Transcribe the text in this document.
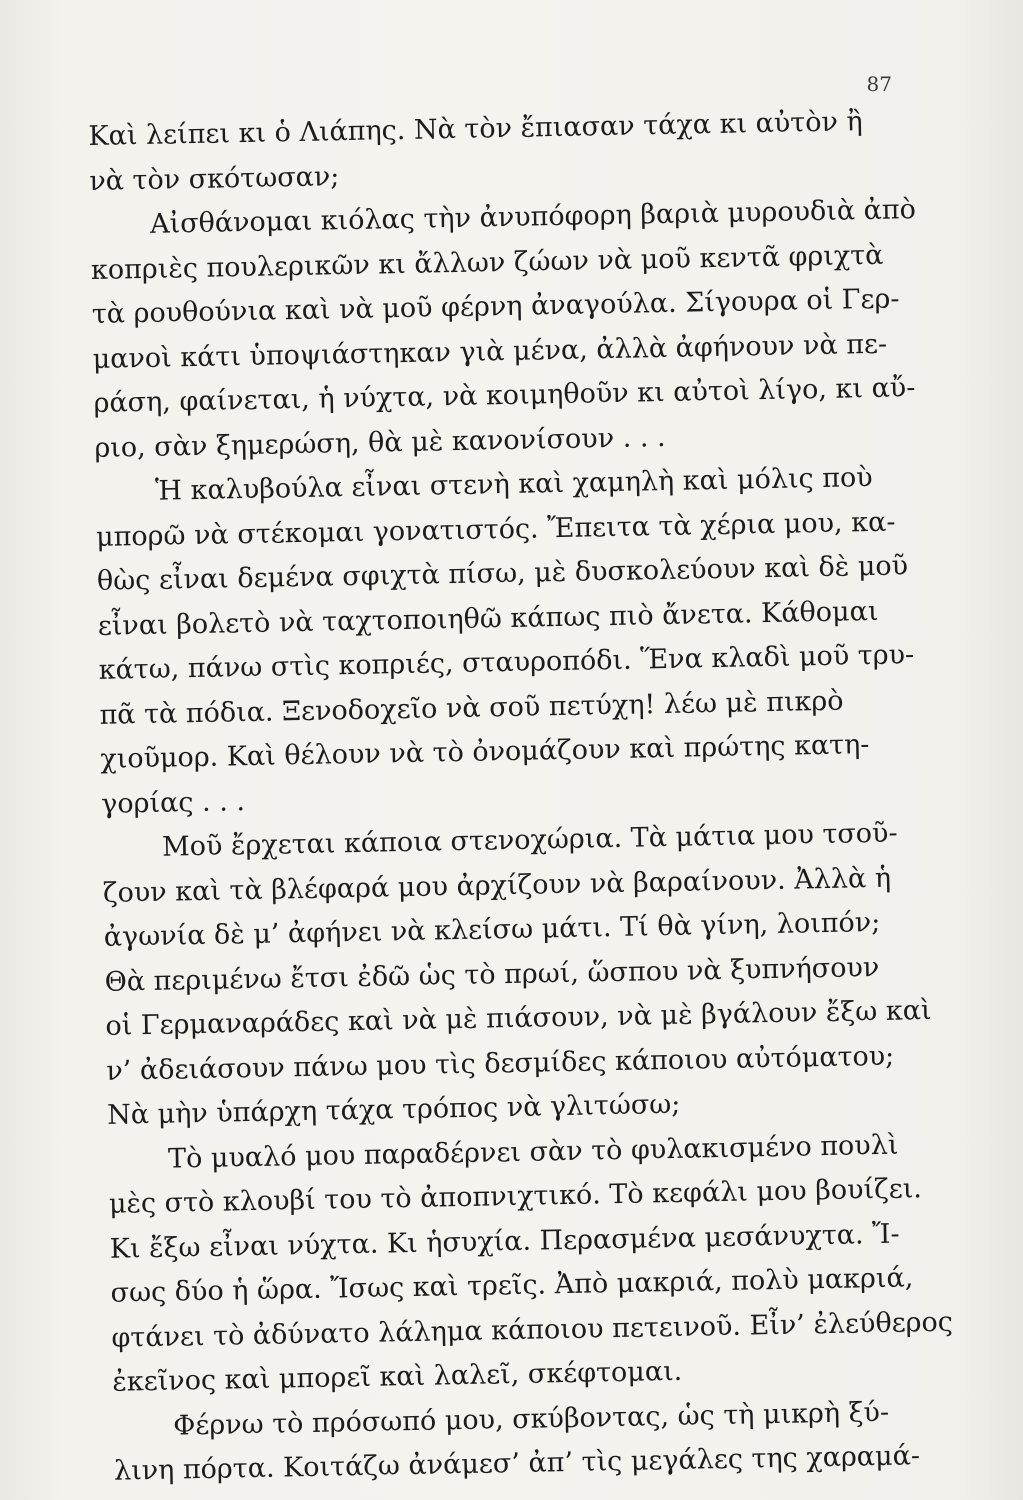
87
Καὶ λείπει κι ὁ Λιάπης. Νὰ τὸν ἔπιασαν τάχα κι αὐτὸν ἢ
νὰ τὸν σκότωσαν;
Αἰσθάνομαι κιόλας τὴν ἀνυπόφορη βαριὰ μυρουδιὰ ἀπὸ
κοπριὲς πουλερικῶν κι ἄλλων ζώων νὰ μοῦ κεντᾶ φριχτὰ
τὰ ρουθούνια καὶ νὰ μοῦ φέρνη ἀναγούλα. Σίγουρα οἱ Γερ-
μανοὶ κάτι ὑποψιάστηκαν γιὰ μένα, ἀλλὰ ἀφήνουν νὰ πε-
ράση, φαίνεται, ἡ νύχτα, νὰ κοιμηθοῦν κι αὐτοὶ λίγο, κι αὔ-
ριο, σὰν ξημερώση, θὰ μὲ κανονίσουν . . .
Ἡ καλυβούλα εἶναι στενὴ καὶ χαμηλὴ καὶ μόλις ποὺ
μπορῶ νὰ στέκομαι γονατιστός. Ἔπειτα τὰ χέρια μου, κα-
θὼς εἶναι δεμένα σφιχτὰ πίσω, μὲ δυσκολεύουν καὶ δὲ μοῦ
εἶναι βολετὸ νὰ ταχτοποιηθῶ κάπως πιὸ ἄνετα. Κάθομαι
κάτω, πάνω στὶς κοπριές, σταυροπόδι. Ἕνα κλαδὶ μοῦ τρυ-
πᾶ τὰ πόδια. Ξενοδοχεῖο νὰ σοῦ πετύχη! λέω μὲ πικρὸ
χιοῦμορ. Καὶ θέλουν νὰ τὸ ὀνομάζουν καὶ πρώτης κατη-
γορίας . . .
Μοῦ ἔρχεται κάποια στενοχώρια. Τὰ μάτια μου τσοῦ-
ζουν καὶ τὰ βλέφαρά μου ἀρχίζουν νὰ βαραίνουν. Ἀλλὰ ἡ
ἀγωνία δὲ μ’ ἀφήνει νὰ κλείσω μάτι. Τί θὰ γίνη, λοιπόν;
Θὰ περιμένω ἔτσι ἐδῶ ὡς τὸ πρωί, ὥσπου νὰ ξυπνήσουν
οἱ Γερμαναράδες καὶ νὰ μὲ πιάσουν, νὰ μὲ βγάλουν ἔξω καὶ
ν’ ἀδειάσουν πάνω μου τὶς δεσμίδες κάποιου αὐτόματου;
Νὰ μὴν ὑπάρχη τάχα τρόπος νὰ γλιτώσω;
Τὸ μυαλό μου παραδέρνει σὰν τὸ φυλακισμένο πουλὶ
μὲς στὸ κλουβί του τὸ ἀποπνιχτικό. Τὸ κεφάλι μου βουίζει.
Κι ἔξω εἶναι νύχτα. Κι ἡσυχία. Περασμένα μεσάνυχτα. Ἴ-
σως δύο ἡ ὥρα. Ἴσως καὶ τρεῖς. Ἀπὸ μακριά, πολὺ μακριά,
φτάνει τὸ ἀδύνατο λάλημα κάποιου πετεινοῦ. Εἶν’ ἐλεύθερος
ἐκεῖνος καὶ μπορεῖ καὶ λαλεῖ, σκέφτομαι.
Φέρνω τὸ πρόσωπό μου, σκύβοντας, ὡς τὴ μικρὴ ξύ-
λινη πόρτα. Κοιτάζω ἀνάμεσ’ ἀπ’ τὶς μεγάλες της χαραμά-
